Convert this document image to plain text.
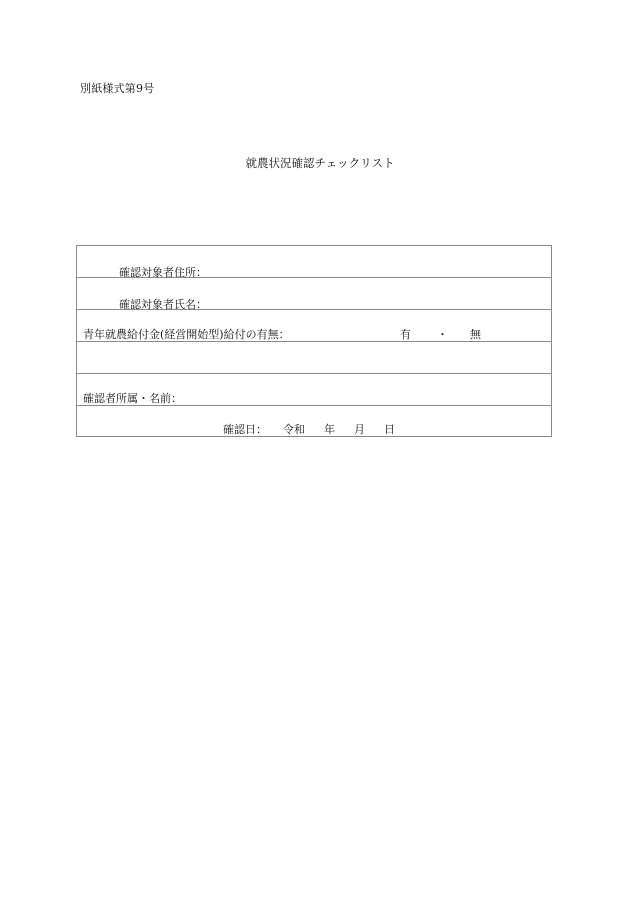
別紙様式第9号
就農状況確認チェックリスト
確認対象者住所：
確認対象者氏名：
青年就農給付金(経営開始型)給付の有無：	有 ・ 無
確認者所属・名前：
確認日： 令和 年 月 日
